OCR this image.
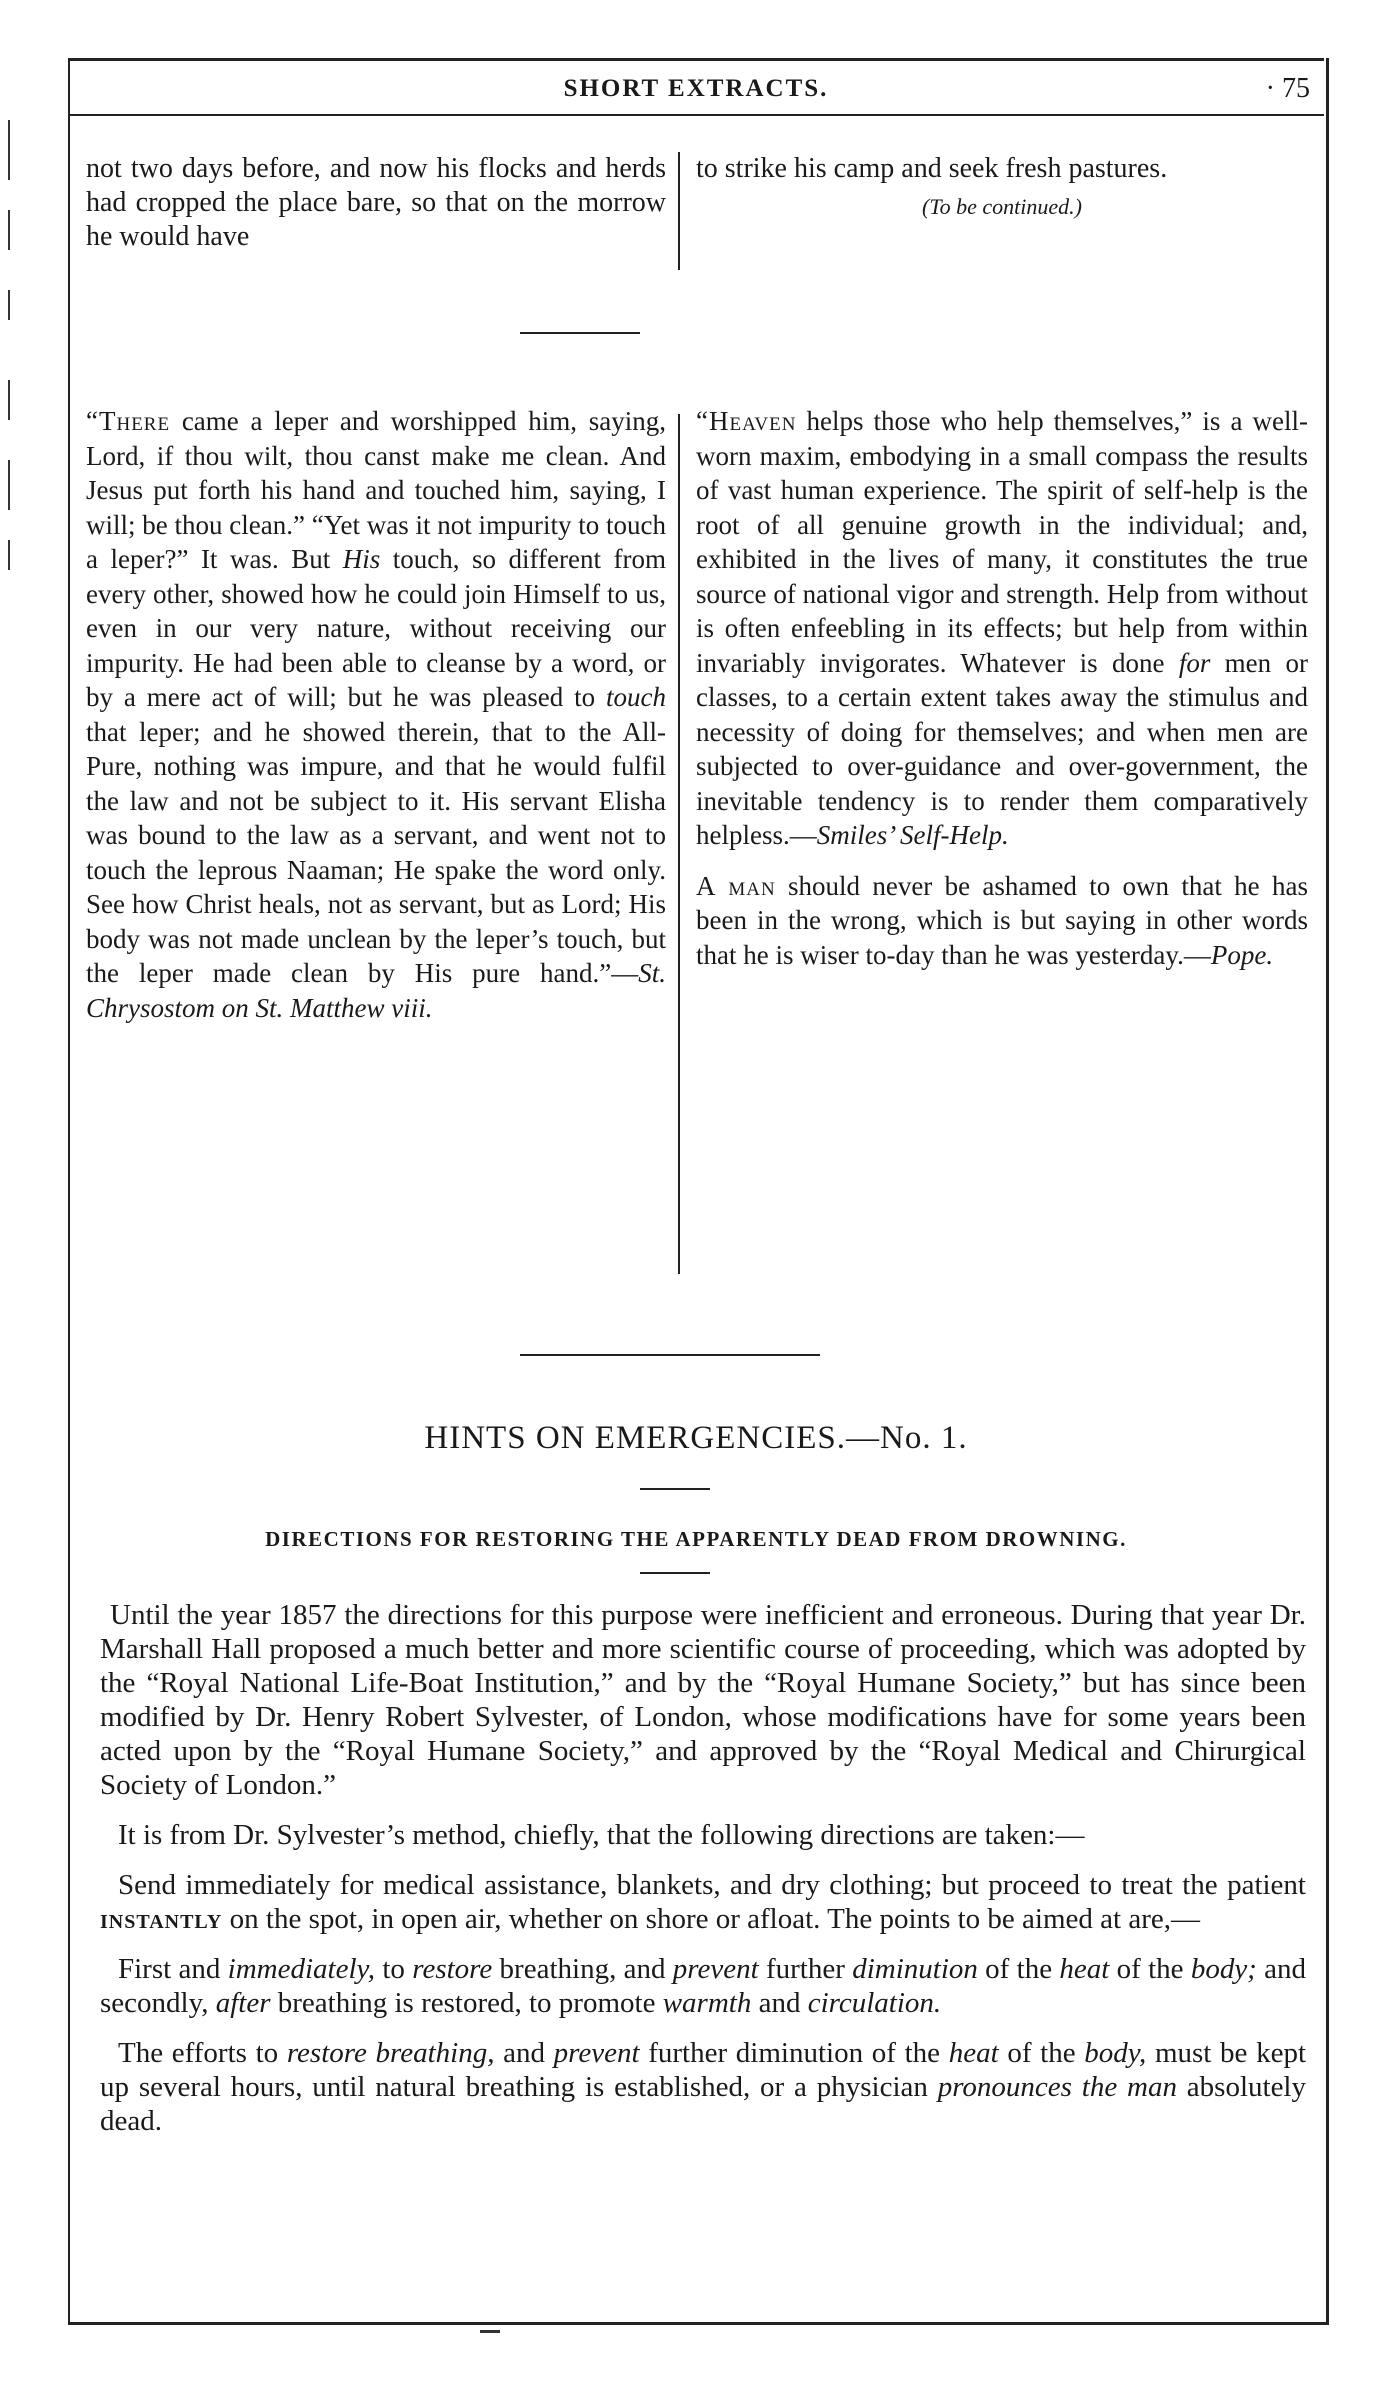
SHORT EXTRACTS.	· 75
not two days before, and now his flocks and herds had cropped the place bare, so that on the morrow he would have
to strike his camp and seek fresh pastures.
(To be continued.)

“There came a leper and worshipped him, saying, Lord, if thou wilt, thou canst make me clean. And Jesus put forth his hand and touched him, saying, I will; be thou clean.” “Yet was it not impurity to touch a leper?” It was. But His touch, so different from every other, showed how he could join Himself to us, even in our very nature, without receiving our impurity. He had been able to cleanse by a word, or by a mere act of will; but he was pleased to touch that leper; and he showed therein, that to the All-Pure, nothing was impure, and that he would fulfil the law and not be subject to it. His servant Elisha was bound to the law as a servant, and went not to touch the leprous Naaman; He spake the word only. See how Christ heals, not as servant, but as Lord; His body was not made unclean by the leper’s touch, but the leper made clean by His pure hand.”—St. Chrysostom on St. Matthew viii.

“Heaven helps those who help themselves,” is a well-worn maxim, embodying in a small compass the results of vast human experience. The spirit of self-help is the root of all genuine growth in the individual; and, exhibited in the lives of many, it constitutes the true source of national vigor and strength. Help from without is often enfeebling in its effects; but help from within invariably invigorates. Whatever is done for men or classes, to a certain extent takes away the stimulus and necessity of doing for themselves; and when men are subjected to over-guidance and over-government, the inevitable tendency is to render them comparatively helpless.—Smiles’ Self-Help.

A man should never be ashamed to own that he has been in the wrong, which is but saying in other words that he is wiser to-day than he was yesterday.—Pope.

HINTS ON EMERGENCIES.—No. 1.
DIRECTIONS FOR RESTORING THE APPARENTLY DEAD FROM DROWNING.

Until the year 1857 the directions for this purpose were inefficient and erroneous. During that year Dr. Marshall Hall proposed a much better and more scientific course of proceeding, which was adopted by the “Royal National Life-Boat Institution,” and by the “Royal Humane Society,” but has since been modified by Dr. Henry Robert Sylvester, of London, whose modifications have for some years been acted upon by the “Royal Humane Society,” and approved by the “Royal Medical and Chirurgical Society of London.”

It is from Dr. Sylvester’s method, chiefly, that the following directions are taken:—

Send immediately for medical assistance, blankets, and dry clothing; but proceed to treat the patient instantly on the spot, in open air, whether on shore or afloat. The points to be aimed at are,—

First and immediately, to restore breathing, and prevent further diminution of the heat of the body; and secondly, after breathing is restored, to promote warmth and circulation.

The efforts to restore breathing, and prevent further diminution of the heat of the body, must be kept up several hours, until natural breathing is established, or a physician pronounces the man absolutely dead.
